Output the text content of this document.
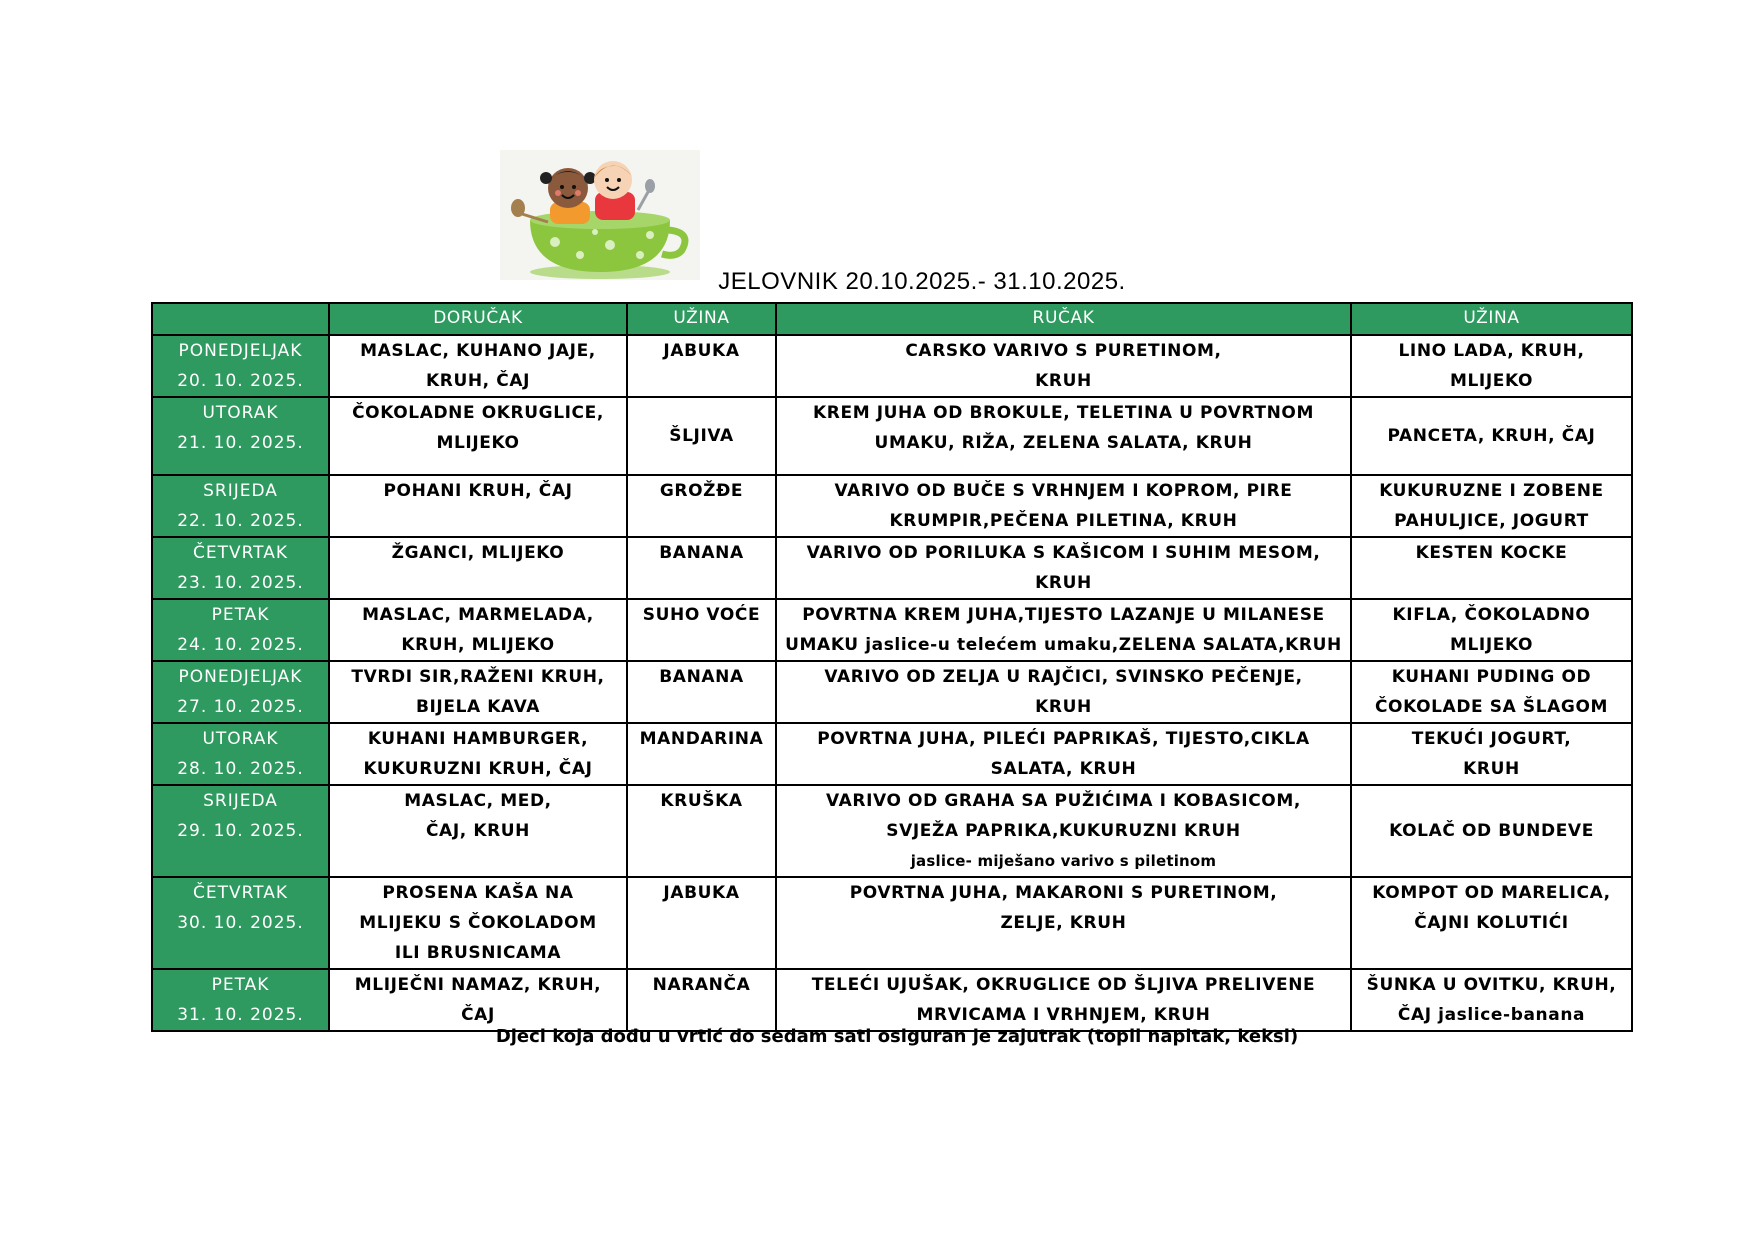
JELOVNIK 20.10.2025.- 31.10.2025.
	DORUČAK	UŽINA	RUČAK	UŽINA

PONEDJELJAK
20. 10. 2025.	MASLAC, KUHANO JAJE,
KRUH, ČAJ	JABUKA	CARSKO VARIVO S PURETINOM,
KRUH	LINO LADA, KRUH,
MLIJEKO

UTORAK
21. 10. 2025.	ČOKOLADNE OKRUGLICE,
MLIJEKO	ŠLJIVA	KREM JUHA OD BROKULE, TELETINA U POVRTNOM
UMAKU, RIŽA, ZELENA SALATA, KRUH	PANCETA, KRUH, ČAJ

SRIJEDA
22. 10. 2025.	POHANI KRUH, ČAJ	GROŽĐE	VARIVO OD BUČE S VRHNJEM I KOPROM, PIRE
KRUMPIR,PEČENA PILETINA, KRUH	KUKURUZNE I ZOBENE
PAHULJICE, JOGURT

ČETVRTAK
23. 10. 2025.	ŽGANCI, MLIJEKO	BANANA	VARIVO OD PORILUKA S KAŠICOM I SUHIM MESOM,
KRUH	KESTEN KOCKE

PETAK
24. 10. 2025.	MASLAC, MARMELADA,
KRUH, MLIJEKO	SUHO VOĆE	POVRTNA KREM JUHA,TIJESTO LAZANJE U MILANESE
UMAKU jaslice-u telećem umaku,ZELENA SALATA,KRUH	KIFLA, ČOKOLADNO
MLIJEKO

PONEDJELJAK
27. 10. 2025.	TVRDI SIR,RAŽENI KRUH,
BIJELA KAVA	BANANA	VARIVO OD ZELJA U RAJČICI, SVINSKO PEČENJE,
KRUH	KUHANI PUDING OD
ČOKOLADE SA ŠLAGOM

UTORAK
28. 10. 2025.	KUHANI HAMBURGER,
KUKURUZNI KRUH, ČAJ	MANDARINA	POVRTNA JUHA, PILEĆI PAPRIKAŠ, TIJESTO,CIKLA
SALATA, KRUH	TEKUĆI JOGURT,
KRUH

SRIJEDA
29. 10. 2025.	MASLAC, MED,
ČAJ, KRUH	KRUŠKA	VARIVO OD GRAHA SA PUŽIĆIMA I KOBASICOM,
SVJEŽA PAPRIKA,KUKURUZNI KRUH
jaslice- miješano varivo s piletinom	KOLAČ OD BUNDEVE

ČETVRTAK
30. 10. 2025.	PROSENA KAŠA NA
MLIJEKU S ČOKOLADOM
ILI BRUSNICAMA	JABUKA	POVRTNA JUHA, MAKARONI S PURETINOM,
ZELJE, KRUH	KOMPOT OD MARELICA,
ČAJNI KOLUTIĆI

PETAK
31. 10. 2025.	MLIJEČNI NAMAZ, KRUH,
ČAJ	NARANČA	TELEĆI UJUŠAK, OKRUGLICE OD ŠLJIVA PRELIVENE
MRVICAMA I VRHNJEM, KRUH	ŠUNKA U OVITKU, KRUH,
ČAJ jaslice-banana
Djeci koja dođu u vrtić do sedam sati osiguran je zajutrak (topli napitak, keksi)
